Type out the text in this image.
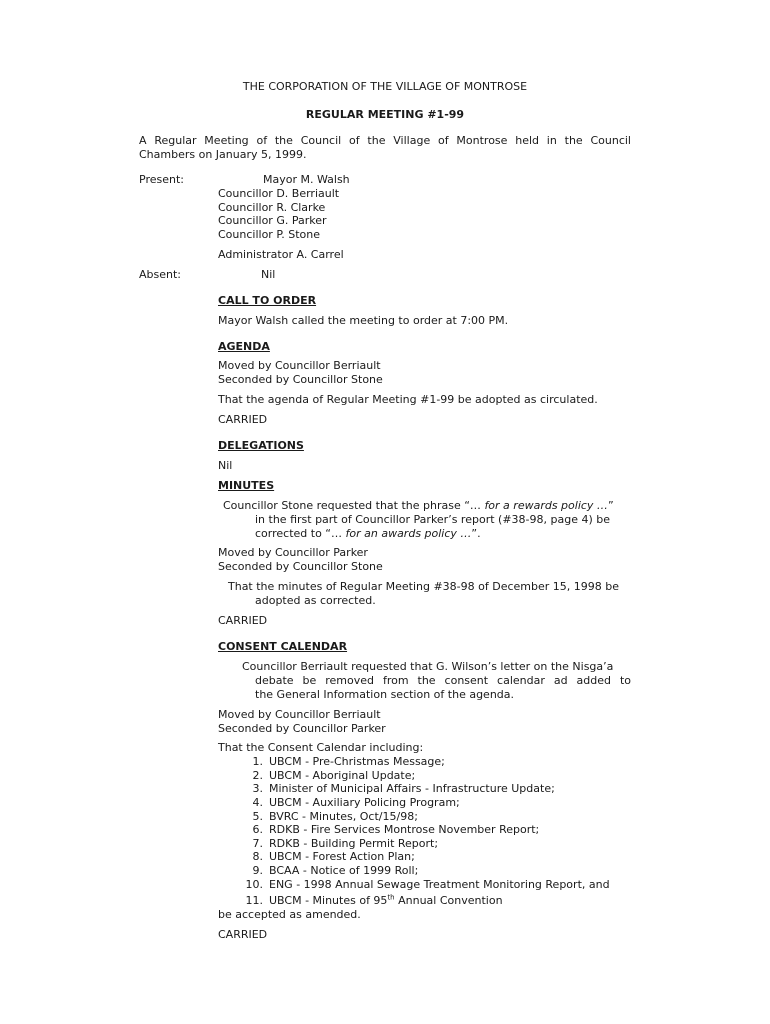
THE CORPORATION OF THE VILLAGE OF MONTROSE
REGULAR MEETING #1-99
A Regular Meeting of the Council of the Village of Montrose held in the Council
Chambers on January 5, 1999.
Present:	Mayor M. Walsh
Councillor D. Berriault
Councillor R. Clarke
Councillor G. Parker
Councillor P. Stone
Administrator A. Carrel
Absent:	Nil
CALL TO ORDER
Mayor Walsh called the meeting to order at 7:00 PM.
AGENDA
Moved by Councillor Berriault
Seconded by Councillor Stone
That the agenda of Regular Meeting #1-99 be adopted as circulated.
CARRIED
DELEGATIONS
Nil
MINUTES
Councillor Stone requested that the phrase “… for a rewards policy …”
in the first part of Councillor Parker’s report (#38-98, page 4) be
corrected to “… for an awards policy …”.
Moved by Councillor Parker
Seconded by Councillor Stone
That the minutes of Regular Meeting #38-98 of December 15, 1998 be
adopted as corrected.
CARRIED
CONSENT CALENDAR
Councillor Berriault requested that G. Wilson’s letter on the Nisga’a
debate be removed from the consent calendar ad added to
the General Information section of the agenda.
Moved by Councillor Berriault
Seconded by Councillor Parker
That the Consent Calendar including:
1. UBCM - Pre-Christmas Message;
2. UBCM - Aboriginal Update;
3. Minister of Municipal Affairs - Infrastructure Update;
4. UBCM - Auxiliary Policing Program;
5. BVRC - Minutes, Oct/15/98;
6. RDKB - Fire Services Montrose November Report;
7. RDKB - Building Permit Report;
8. UBCM - Forest Action Plan;
9. BCAA - Notice of 1999 Roll;
10. ENG - 1998 Annual Sewage Treatment Monitoring Report, and
11. UBCM - Minutes of 95th Annual Convention
be accepted as amended.
CARRIED
